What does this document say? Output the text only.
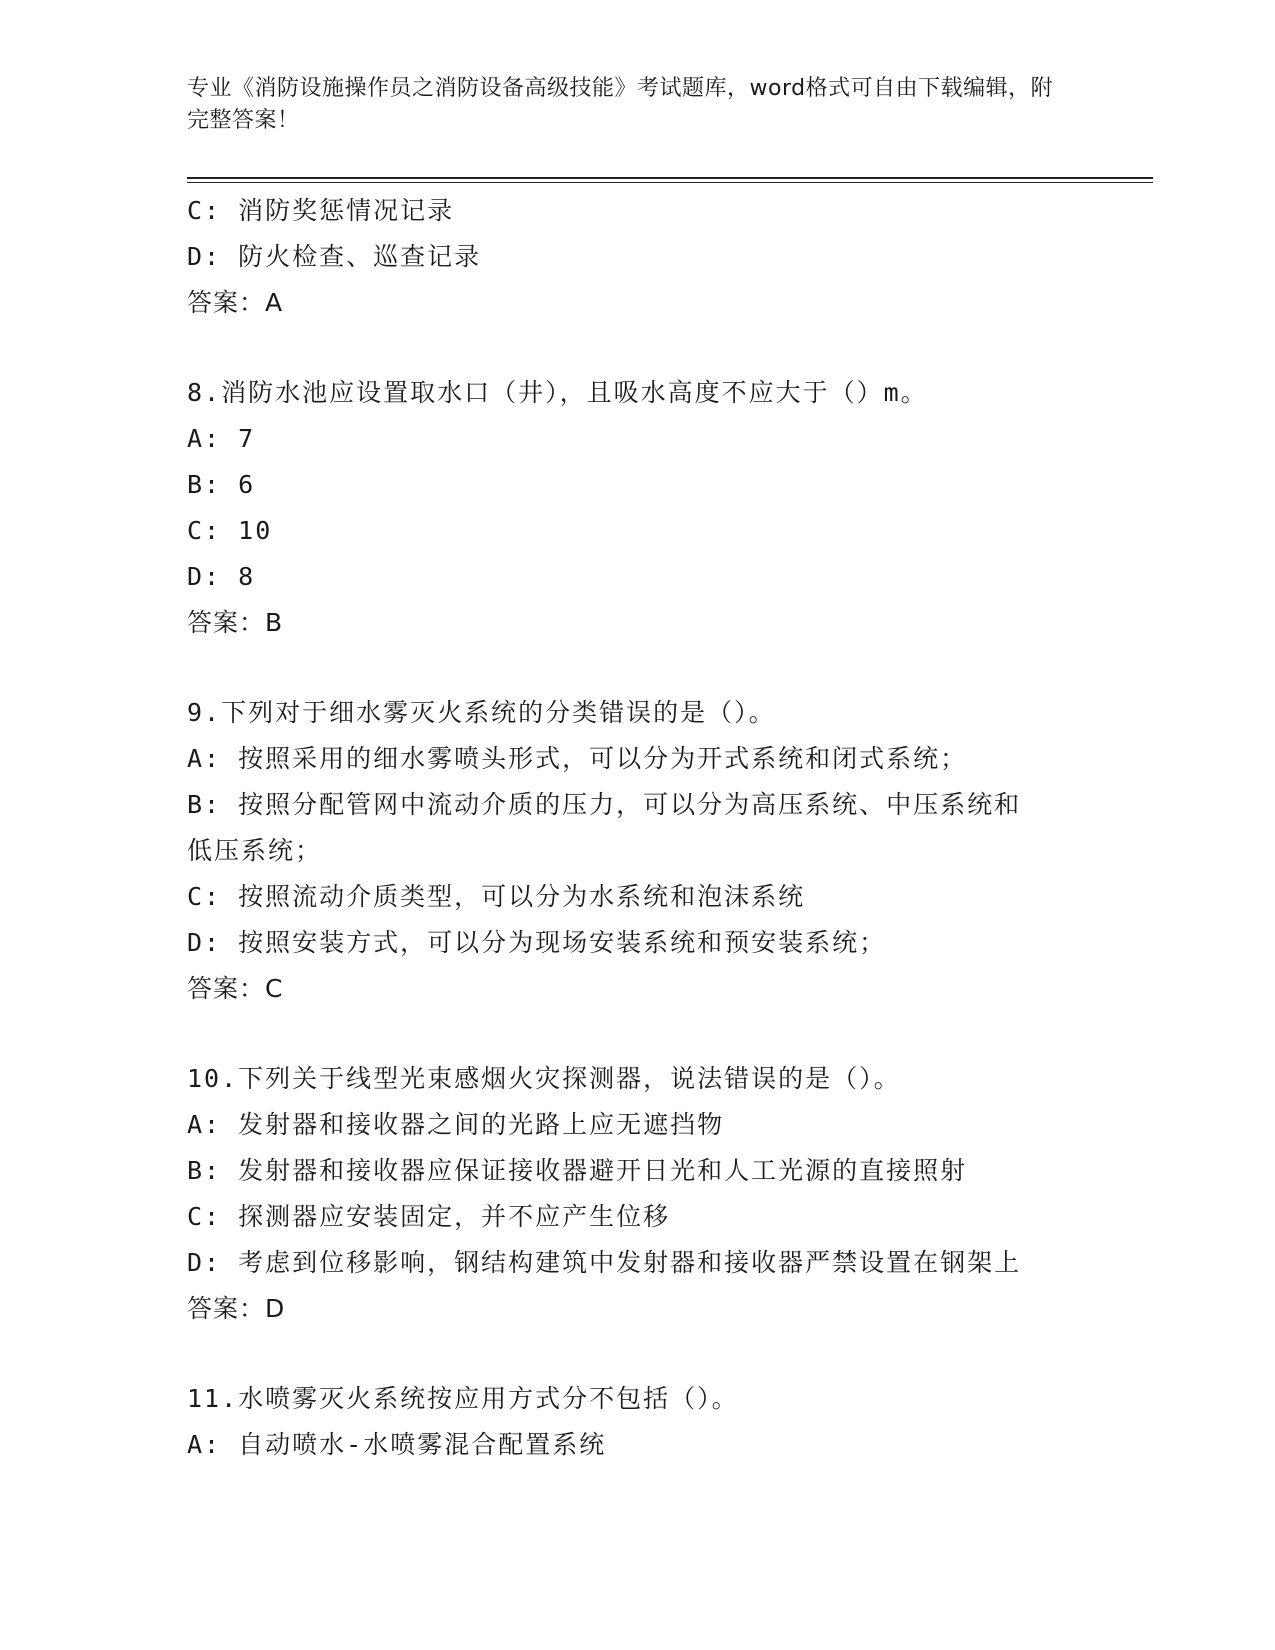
专业《消防设施操作员之消防设备高级技能》考试题库，word格式可自由下载编辑，附完整答案！
C: 消防奖惩情况记录
D: 防火检查、巡查记录
答案：A
8.消防水池应设置取水口（井），且吸水高度不应大于（）m。
A: 7
B: 6
C: 10
D: 8
答案：B
9.下列对于细水雾灭火系统的分类错误的是（）。
A: 按照采用的细水雾喷头形式，可以分为开式系统和闭式系统；
B: 按照分配管网中流动介质的压力，可以分为高压系统、中压系统和
低压系统；
C: 按照流动介质类型，可以分为水系统和泡沫系统
D: 按照安装方式，可以分为现场安装系统和预安装系统；
答案：C
10.下列关于线型光束感烟火灾探测器，说法错误的是（）。
A: 发射器和接收器之间的光路上应无遮挡物
B: 发射器和接收器应保证接收器避开日光和人工光源的直接照射
C: 探测器应安装固定，并不应产生位移
D: 考虑到位移影响，钢结构建筑中发射器和接收器严禁设置在钢架上
答案：D
11.水喷雾灭火系统按应用方式分不包括（）。
A: 自动喷水-水喷雾混合配置系统
